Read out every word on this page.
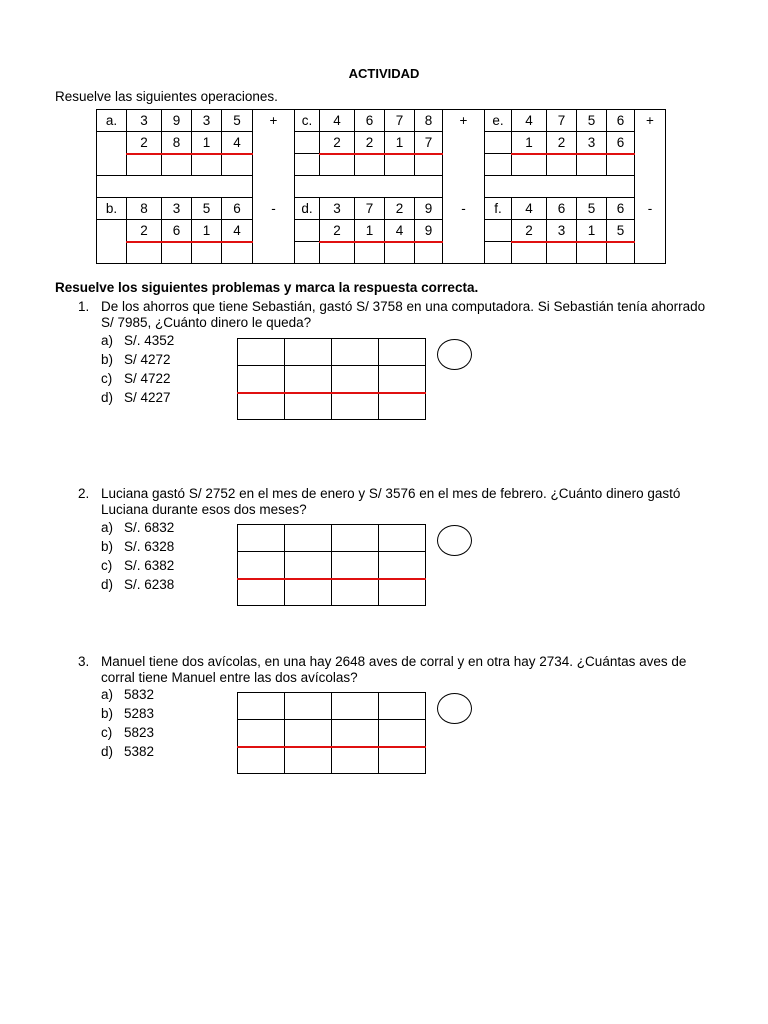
ACTIVIDAD
Resuelve las siguientes operaciones.
a.	3	9	3	5	+	c.	4	6	7	8	+	e.	4	7	5	6	+
	2	8	1	4			2	2	1	7			1	2	3	6	

b.	8	3	5	6	-	d.	3	7	2	9	-	f.	4	6	5	6	-
	2	6	1	4			2	1	4	9			2	3	1	5	

Resuelve los siguientes problemas y marca la respuesta correcta.
1. De los ahorros que tiene Sebastián, gastó S/ 3758 en una computadora. Si Sebastián tenía ahorrado S/ 7985, ¿Cuánto dinero le queda?
a) S/. 4352
b) S/ 4272
c) S/ 4722
d) S/ 4227

2. Luciana gastó S/ 2752 en el mes de enero y S/ 3576 en el mes de febrero. ¿Cuánto dinero gastó Luciana durante esos dos meses?
a) S/. 6832
b) S/. 6328
c) S/. 6382
d) S/. 6238

3. Manuel tiene dos avícolas, en una hay 2648 aves de corral y en otra hay 2734. ¿Cuántas aves de corral tiene Manuel entre las dos avícolas?
a) 5832
b) 5283
c) 5823
d) 5382
